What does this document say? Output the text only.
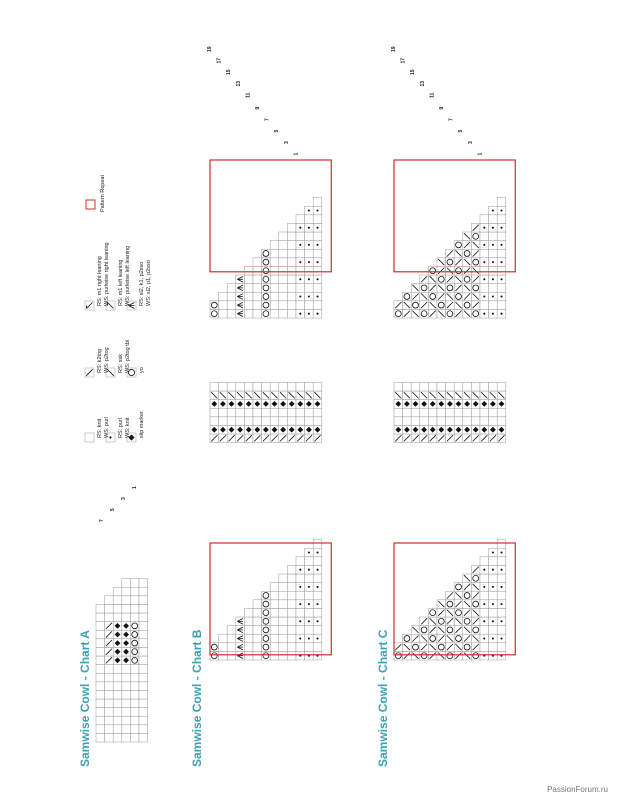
7
5
3
1
19
17
15
13
11
9
7
5
3
1
19
17
15
13
11
9
7
5
3
1
Samwise Cowl - Chart A	Samwise Cowl - Chart B	Samwise Cowl - Chart C
RS: knit WS: purl RS: purl WS: knit slip marker
RS: k2tog WS: p2tog RS: ssk WS: p2tog tbl yo
RS: m1 right leaning WS: purlwise right leaning RS: m1 left leaning WS: purlwise left leaning RS: sl2, k1, p2sso WS: sl2, p1, p2sso
Pattern Repeat
PassionForum.ru
